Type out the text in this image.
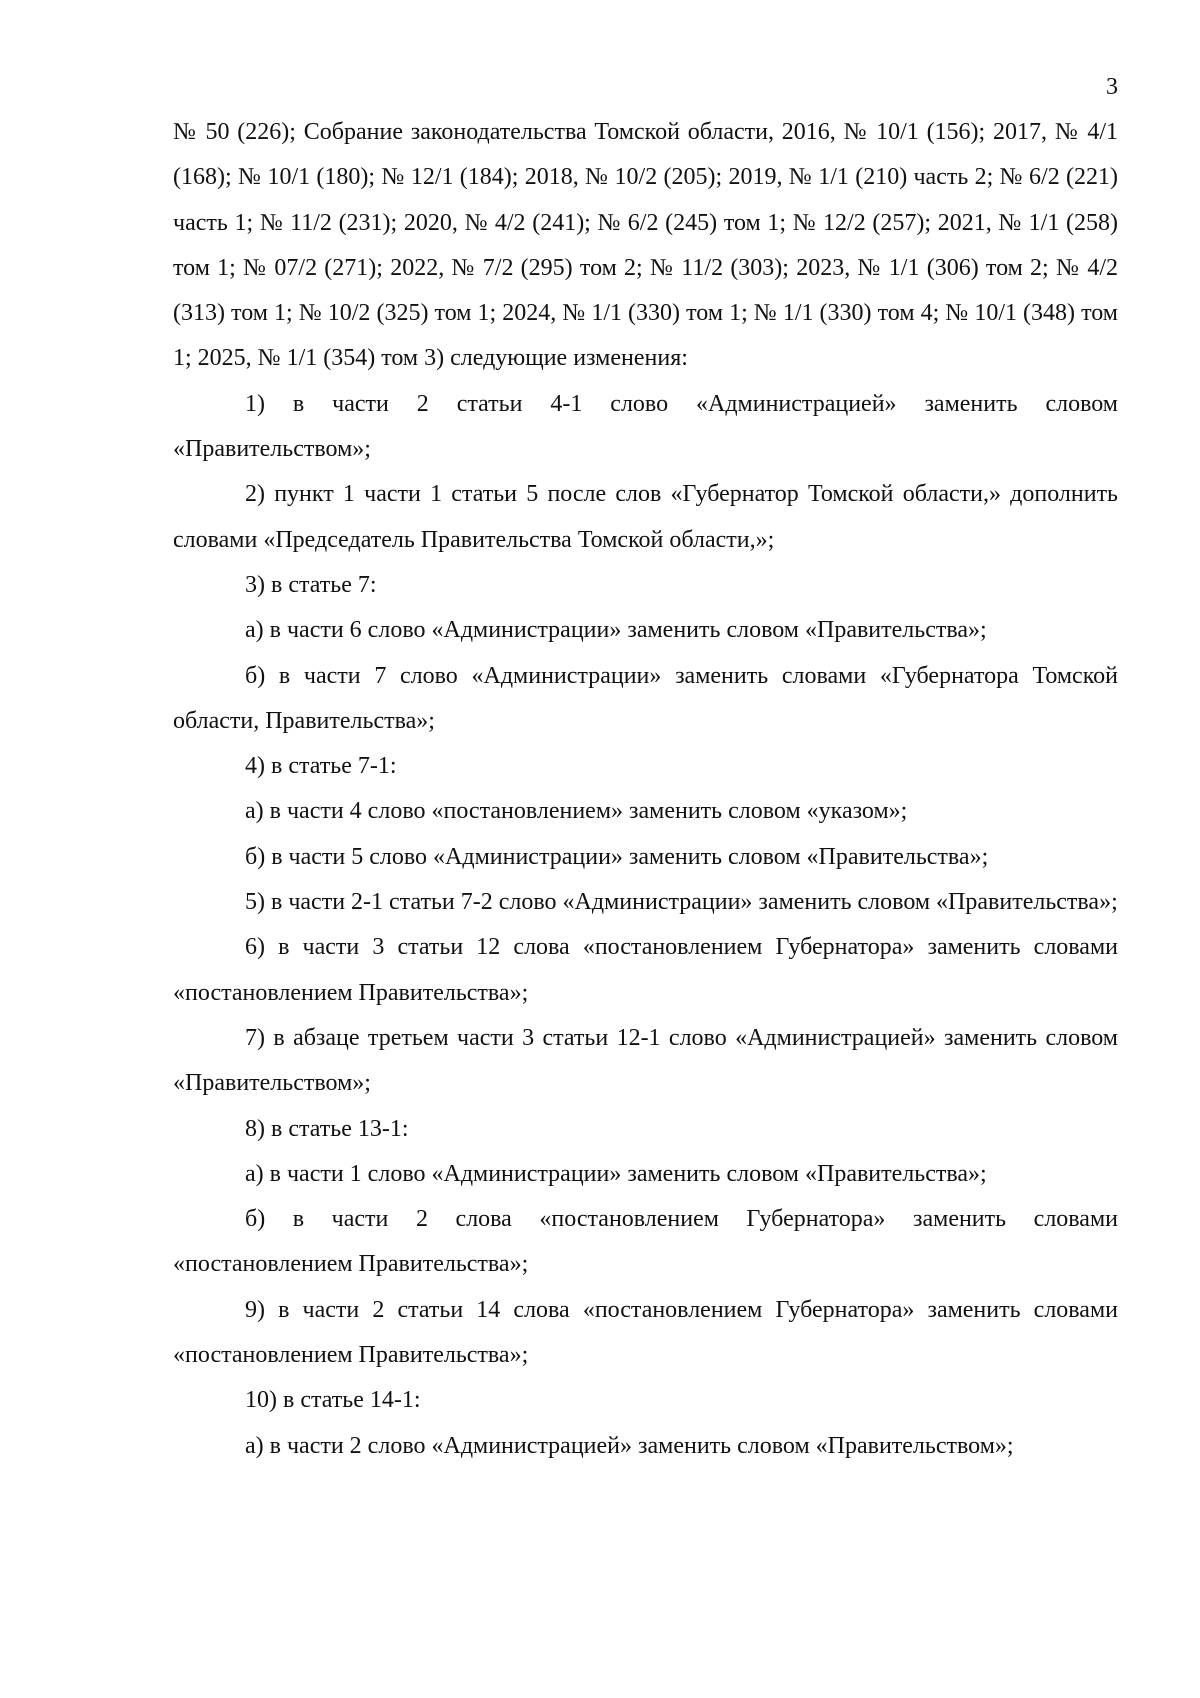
3

№ 50 (226); Собрание законодательства Томской области, 2016, № 10/1 (156); 2017, № 4/1 (168); № 10/1 (180); № 12/1 (184); 2018, № 10/2 (205); 2019, № 1/1 (210) часть 2; № 6/2 (221) часть 1; № 11/2 (231); 2020, № 4/2 (241); № 6/2 (245) том 1; № 12/2 (257); 2021, № 1/1 (258) том 1; № 07/2 (271); 2022, № 7/2 (295) том 2; № 11/2 (303); 2023, № 1/1 (306) том 2; № 4/2 (313) том 1; № 10/2 (325) том 1; 2024, № 1/1 (330) том 1; № 1/1 (330) том 4; № 10/1 (348) том 1; 2025, № 1/1 (354) том 3) следующие изменения:

1) в части 2 статьи 4-1 слово «Администрацией» заменить словом «Правительством»;

2) пункт 1 части 1 статьи 5 после слов «Губернатор Томской области,» дополнить словами «Председатель Правительства Томской области,»;

3) в статье 7:

а) в части 6 слово «Администрации» заменить словом «Правительства»;

б) в части 7 слово «Администрации» заменить словами «Губернатора Томской области, Правительства»;

4) в статье 7-1:

а) в части 4 слово «постановлением» заменить словом «указом»;

б) в части 5 слово «Администрации» заменить словом «Правительства»;

5) в части 2-1 статьи 7-2 слово «Администрации» заменить словом «Правительства»;

6) в части 3 статьи 12 слова «постановлением Губернатора» заменить словами «постановлением Правительства»;

7) в абзаце третьем части 3 статьи 12-1 слово «Администрацией» заменить словом «Правительством»;

8) в статье 13-1:

а) в части 1 слово «Администрации» заменить словом «Правительства»;

б) в части 2 слова «постановлением Губернатора» заменить словами «постановлением Правительства»;

9) в части 2 статьи 14 слова «постановлением Губернатора» заменить словами «постановлением Правительства»;

10) в статье 14-1:

а) в части 2 слово «Администрацией» заменить словом «Правительством»;
